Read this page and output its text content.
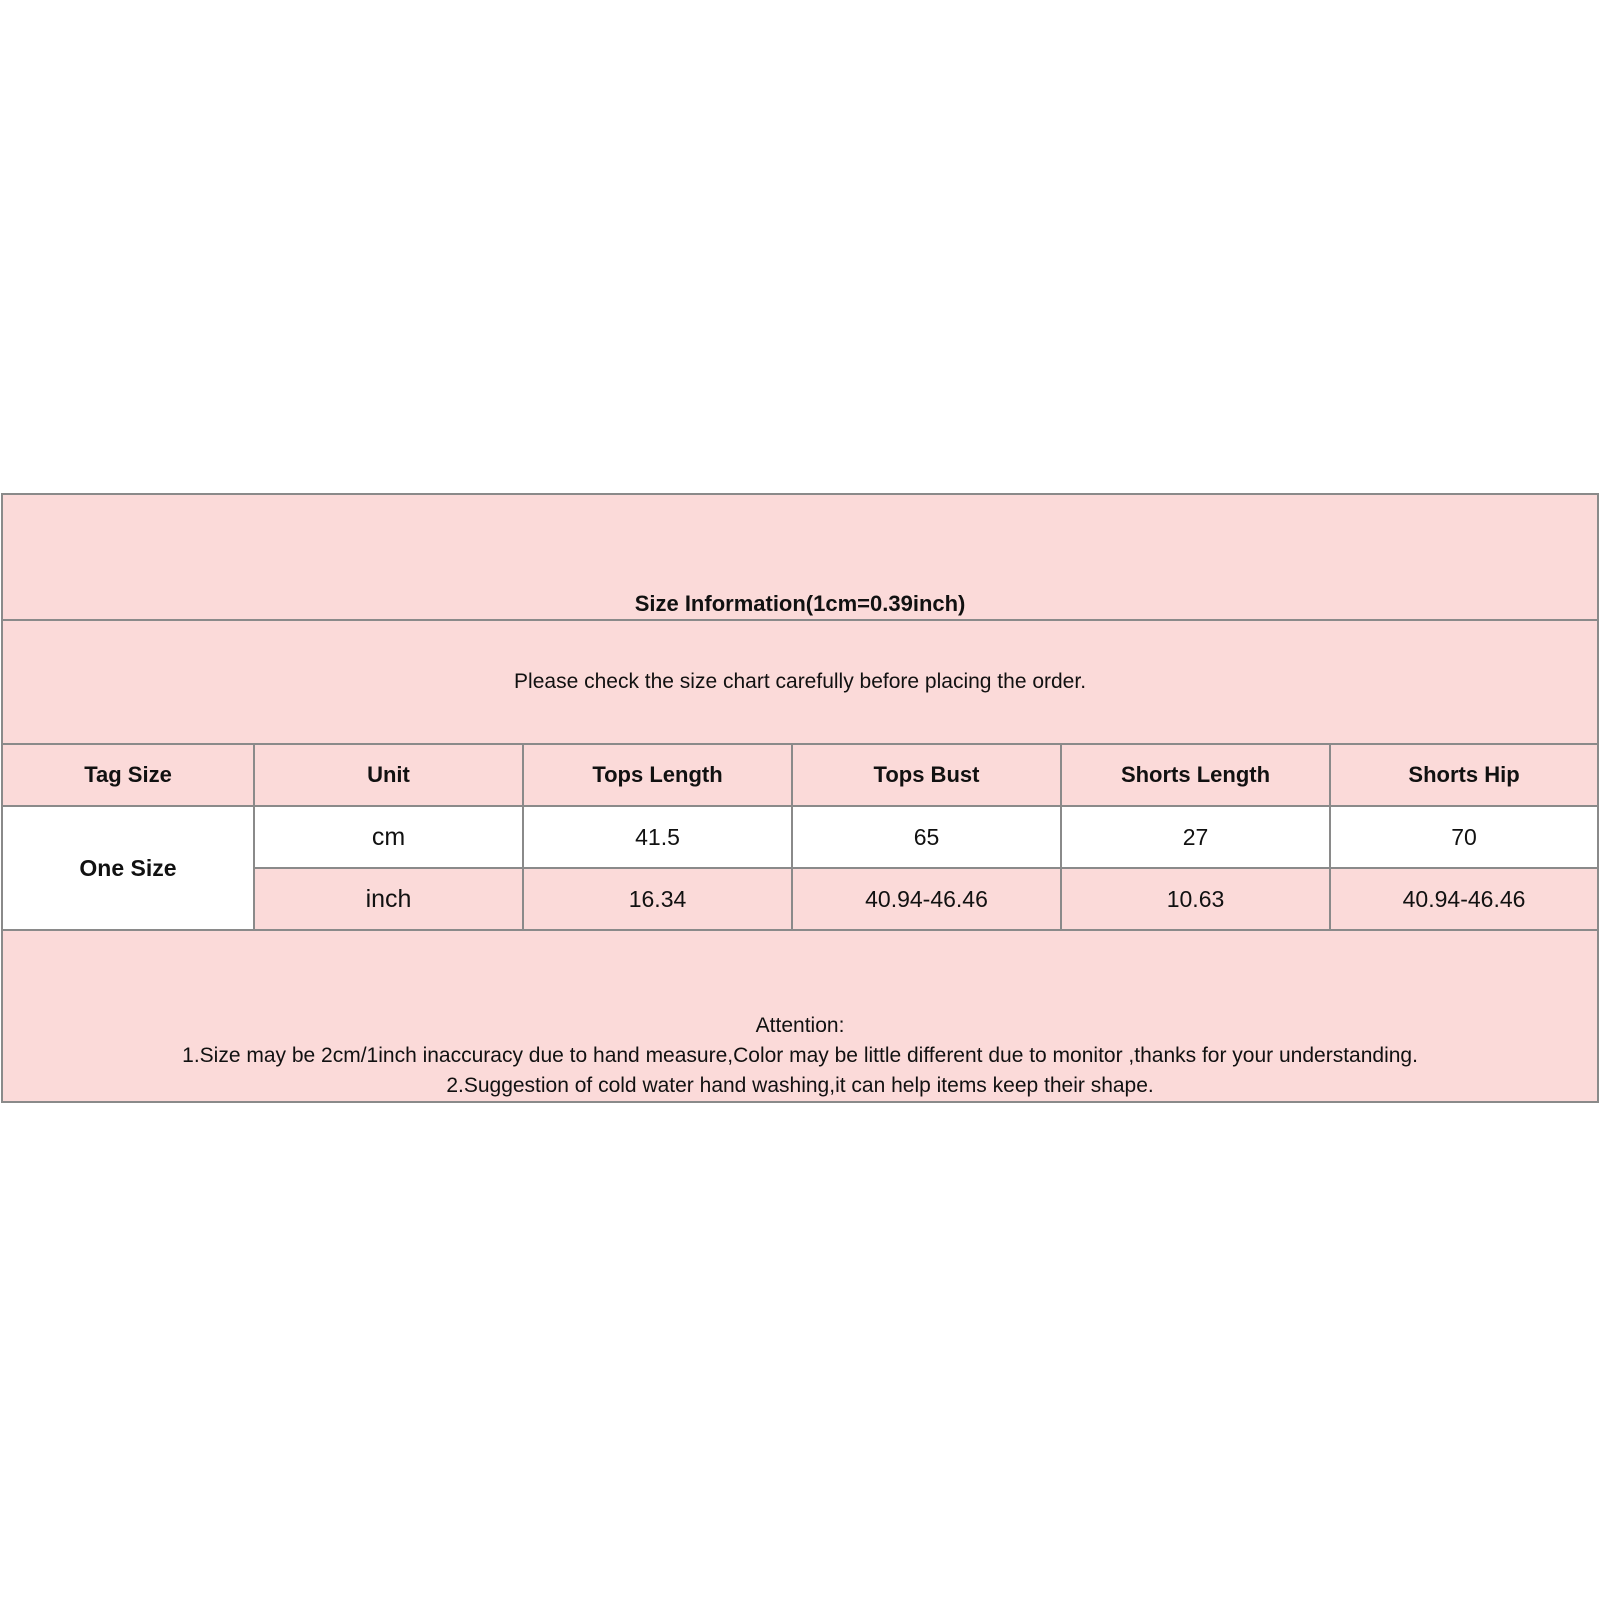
Size Information(1cm=0.39inch)					
Please check the size chart carefully before placing the order.					
Tag Size	Unit	Tops Length	Tops Bust	Shorts Length	Shorts Hip
One Size	cm	41.5	65	27	70
	inch	16.34	40.94-46.46	10.63	40.94-46.46

Attention:
1.Size may be 2cm/1inch inaccuracy due to hand measure,Color may be little different due to monitor ,thanks for your understanding.
2.Suggestion of cold water hand washing,it can help items keep their shape.					
